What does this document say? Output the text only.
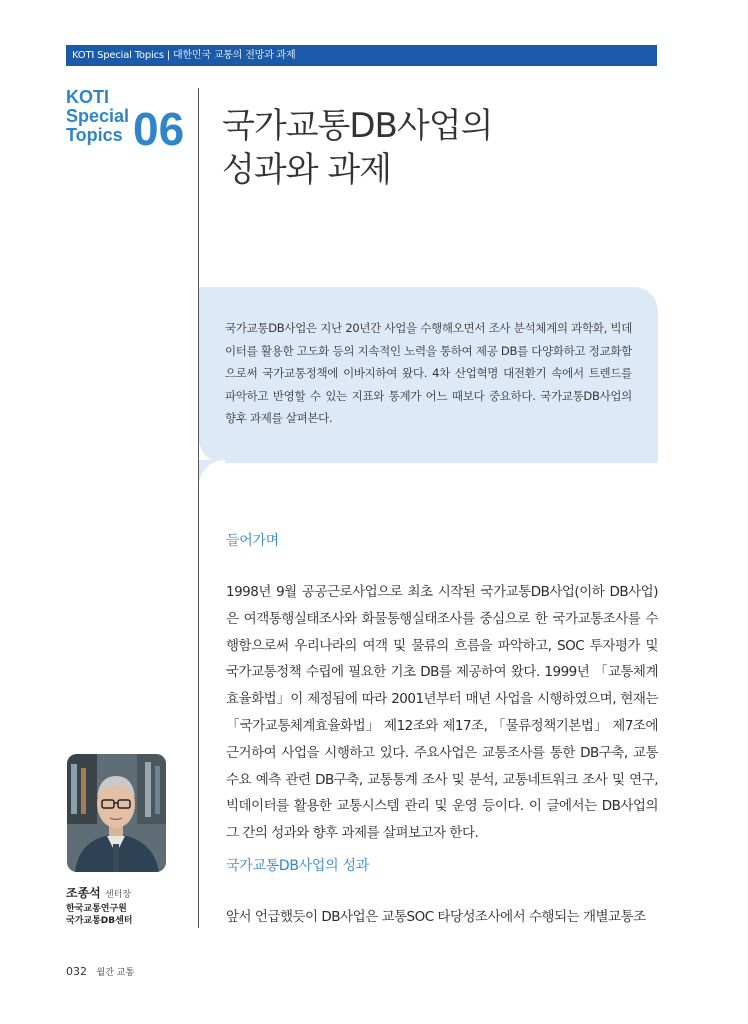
KOTI Special Topics | 대한민국 교통의 전망과 과제
KOTI
Special
Topics 06 국가교통DB사업의
성과와 과제
국가교통DB사업은 지난 20년간 사업을 수행해오면서 조사 분석체계의 과학화, 빅데이터를 활용한 고도화 등의 지속적인 노력을 통하여 제공 DB를 다양화하고 정교화함으로써 국가교통정책에 이바지하여 왔다. 4차 산업혁명 대전환기 속에서 트렌드를 파악하고 반영할 수 있는 지표와 통계가 어느 때보다 중요하다. 국가교통DB사업의 향후 과제를 살펴본다.
들어가며
1998년 9월 공공근로사업으로 최초 시작된 국가교통DB사업(이하 DB사업)은 여객통행실태조사와 화물통행실태조사를 중심으로 한 국가교통조사를 수행함으로써 우리나라의 여객 및 물류의 흐름을 파악하고, SOC 투자평가 및 국가교통정책 수립에 필요한 기초 DB를 제공하여 왔다. 1999년 「교통체계효율화법」이 제정됨에 따라 2001년부터 매년 사업을 시행하였으며, 현재는 「국가교통체계효율화법」 제12조와 제17조, 「물류정책기본법」 제7조에 근거하여 사업을 시행하고 있다. 주요사업은 교통조사를 통한 DB구축, 교통수요 예측 관련 DB구축, 교통통계 조사 및 분석, 교통네트워크 조사 및 연구, 빅데이터를 활용한 교통시스템 관리 및 운영 등이다. 이 글에서는 DB사업의 그 간의 성과와 향후 과제를 살펴보고자 한다.
조종석 센터장
한국교통연구원
국가교통DB센터
국가교통DB사업의 성과
앞서 언급했듯이 DB사업은 교통SOC 타당성조사에서 수행되는 개별교통조
032 월간 교통
